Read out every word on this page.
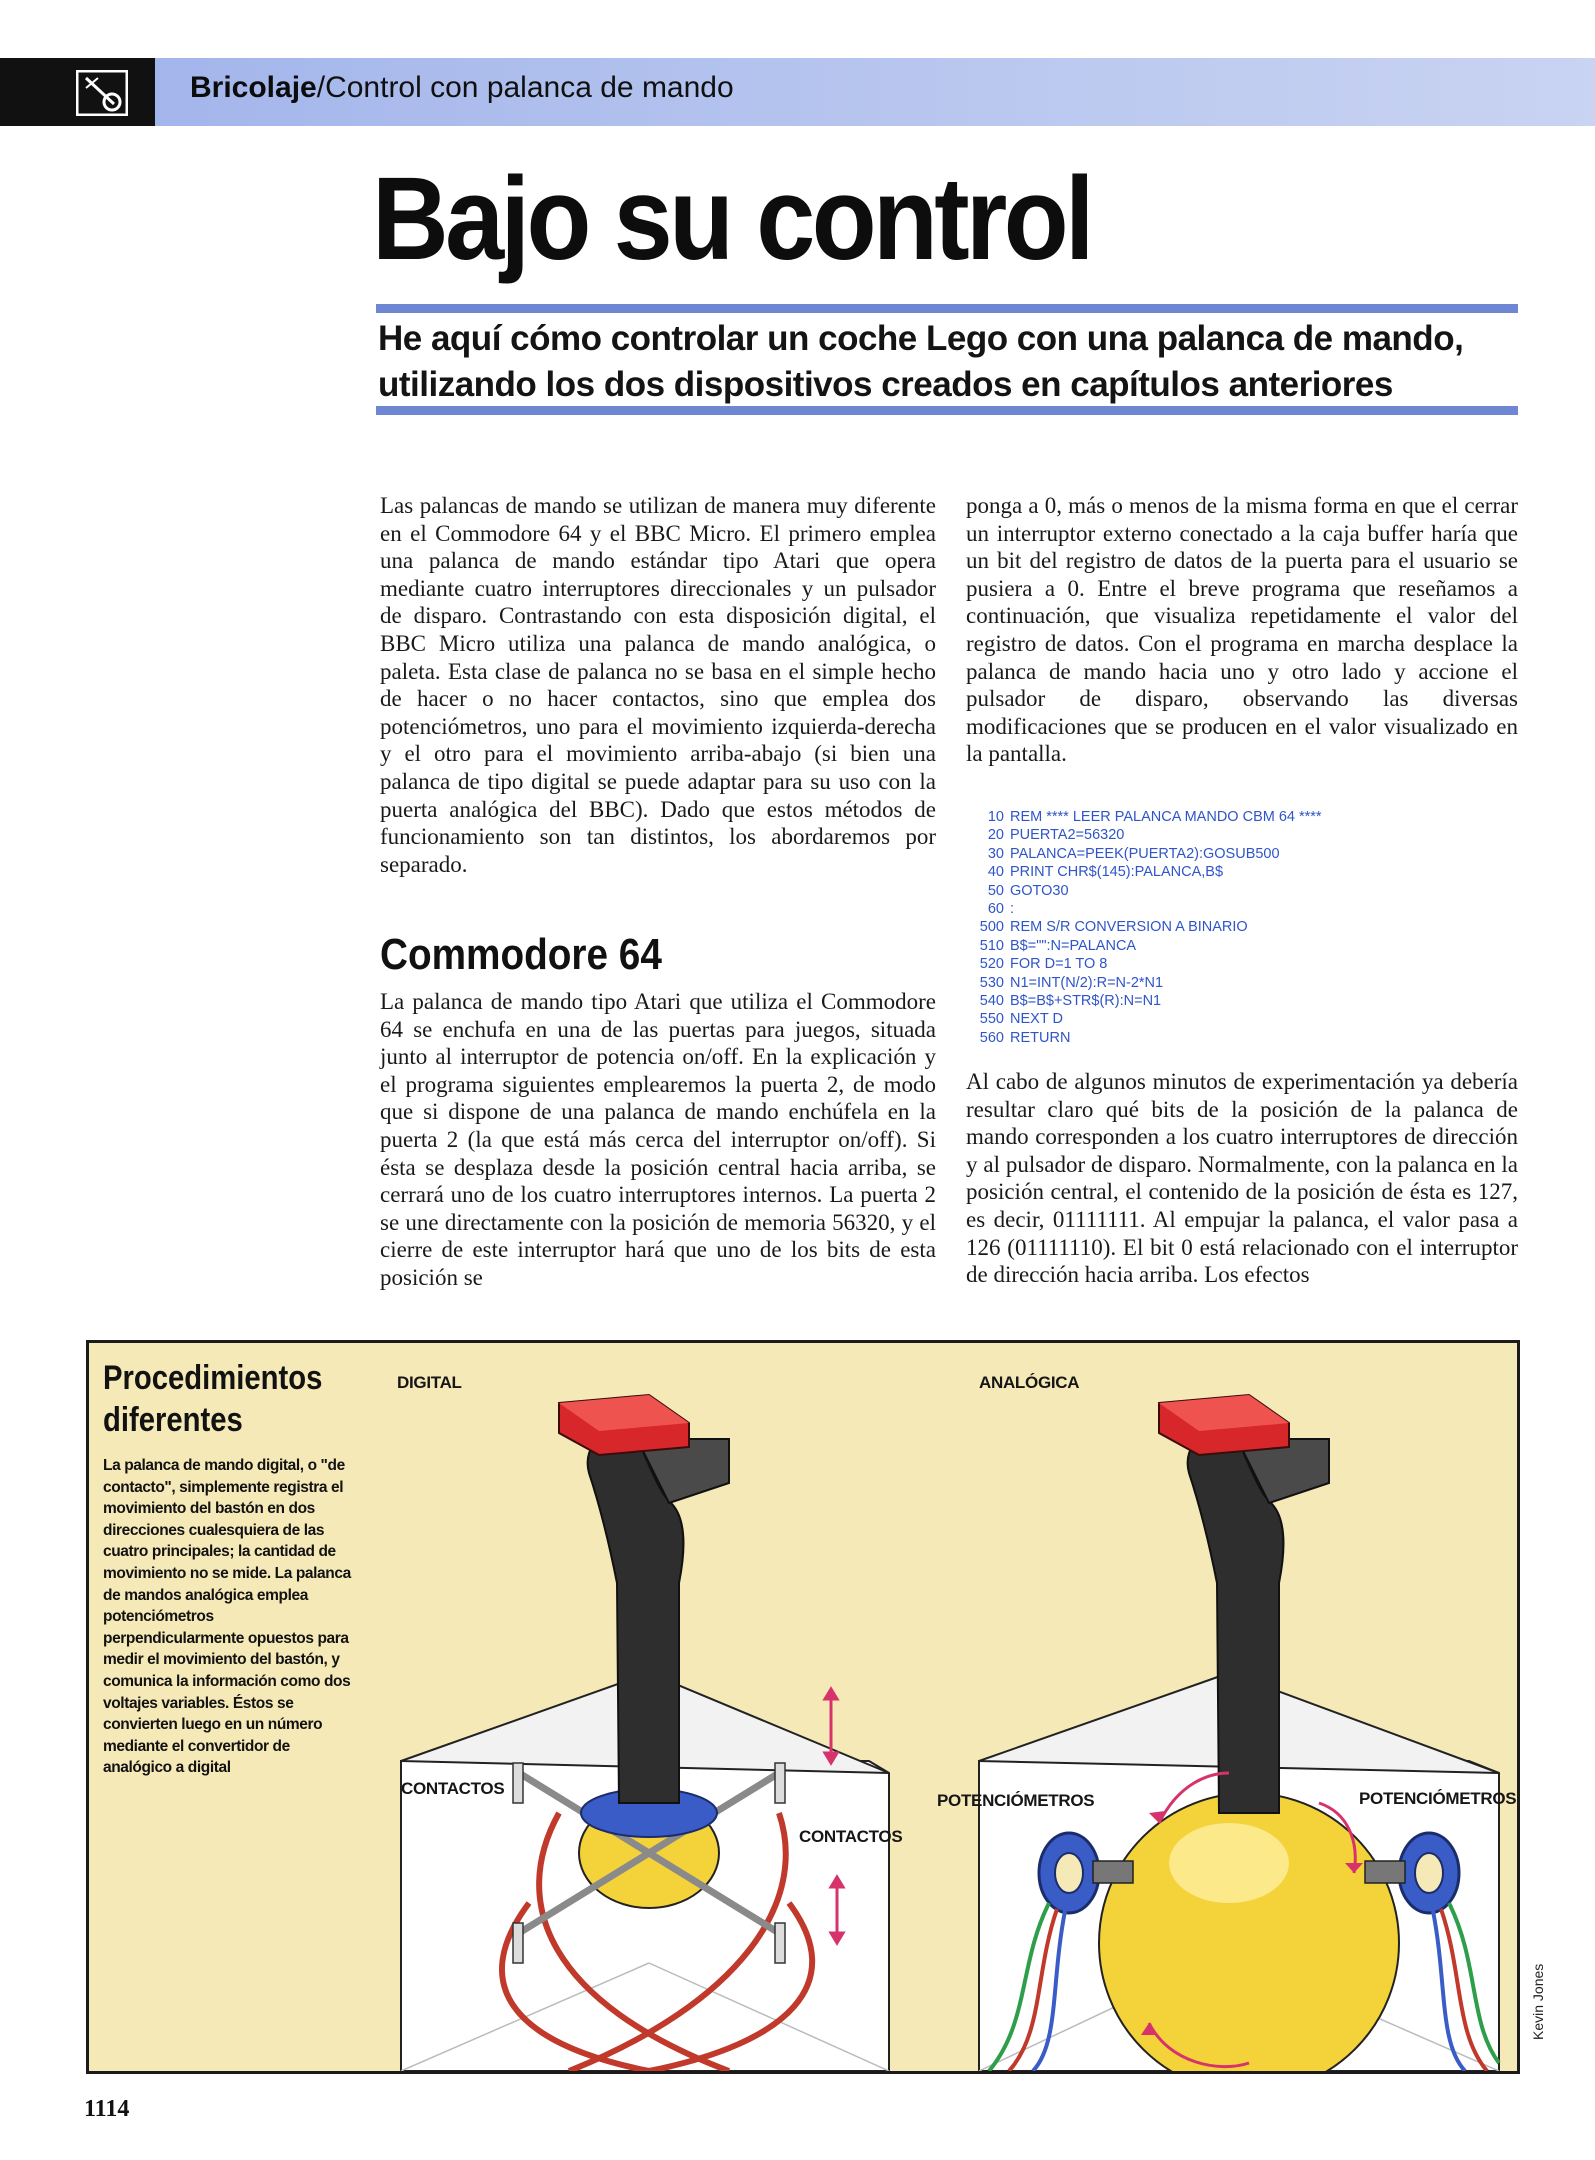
Bricolaje/Control con palanca de mando
Bajo su control

He aquí cómo controlar un coche Lego con una palanca de mando, utilizando los dos dispositivos creados en capítulos anteriores

Las palancas de mando se utilizan de manera muy diferente en el Commodore 64 y el BBC Micro. El primero emplea una palanca de mando estándar tipo Atari que opera mediante cuatro interruptores direccionales y un pulsador de disparo. Contrastando con esta disposición digital, el BBC Micro utiliza una palanca de mando analógica, o paleta. Esta clase de palanca no se basa en el simple hecho de hacer o no hacer contactos, sino que emplea dos potenciómetros, uno para el movimiento izquierda-derecha y el otro para el movimiento arriba-abajo (si bien una palanca de tipo digital se puede adaptar para su uso con la puerta analógica del BBC). Dado que estos métodos de funcionamiento son tan distintos, los abordaremos por separado.

Commodore 64

La palanca de mando tipo Atari que utiliza el Commodore 64 se enchufa en una de las puertas para juegos, situada junto al interruptor de potencia on/off. En la explicación y el programa siguientes emplearemos la puerta 2, de modo que si dispone de una palanca de mando enchúfela en la puerta 2 (la que está más cerca del interruptor on/off). Si ésta se desplaza desde la posición central hacia arriba, se cerrará uno de los cuatro interruptores internos. La puerta 2 se une directamente con la posición de memoria 56320, y el cierre de este interruptor hará que uno de los bits de esta posición se

ponga a 0, más o menos de la misma forma en que el cerrar un interruptor externo conectado a la caja buffer haría que un bit del registro de datos de la puerta para el usuario se pusiera a 0. Entre el breve programa que reseñamos a continuación, que visualiza repetidamente el valor del registro de datos. Con el programa en marcha desplace la palanca de mando hacia uno y otro lado y accione el pulsador de disparo, observando las diversas modificaciones que se producen en el valor visualizado en la pantalla.

10 REM **** LEER PALANCA MANDO CBM 64 ****
20 PUERTA2=56320
30 PALANCA=PEEK(PUERTA2):GOSUB500
40 PRINT CHR$(145):PALANCA,B$
50 GOTO30
60 :
500 REM S/R CONVERSION A BINARIO
510 B$="":N=PALANCA
520 FOR D=1 TO 8
530 N1=INT(N/2):R=N-2*N1
540 B$=B$+STR$(R):N=N1
550 NEXT D
560 RETURN

Al cabo de algunos minutos de experimentación ya debería resultar claro qué bits de la posición de la palanca de mando corresponden a los cuatro interruptores de dirección y al pulsador de disparo. Normalmente, con la palanca en la posición central, el contenido de la posición de ésta es 127, es decir, 01111111. Al empujar la palanca, el valor pasa a 126 (01111110). El bit 0 está relacionado con el interruptor de dirección hacia arriba. Los efectos

Procedimientos diferentes

La palanca de mando digital, o "de contacto", simplemente registra el movimiento del bastón en dos direcciones cualesquiera de las cuatro principales; la cantidad de movimiento no se mide. La palanca de mandos analógica emplea potenciómetros perpendicularmente opuestos para medir el movimiento del bastón, y comunica la información como dos voltajes variables. Éstos se convierten luego en un número mediante el convertidor de analógico a digital

DIGITAL	ANALÓGICA
CONTACTOS
CONTACTOS
POTENCIÓMETROS	POTENCIÓMETROS
Kevin Jones
1114
